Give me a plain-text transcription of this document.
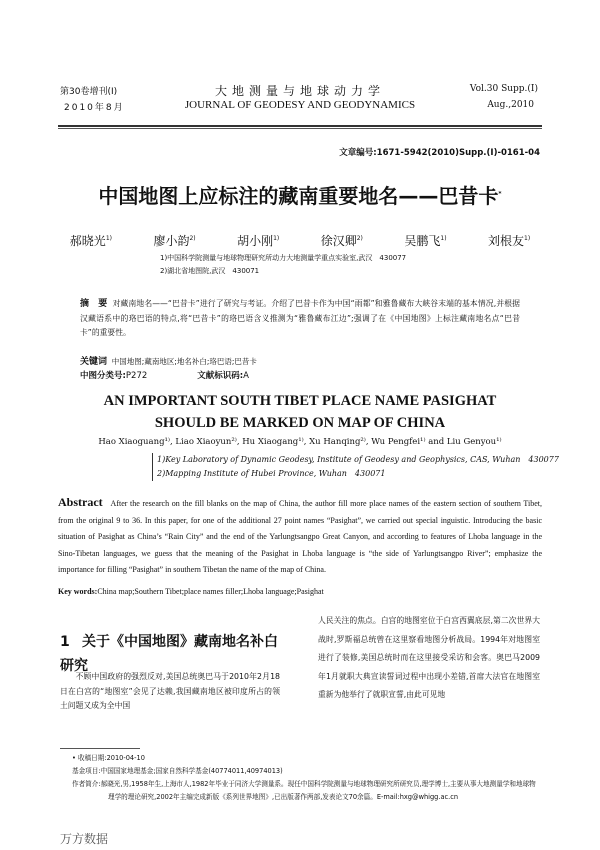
第30卷增刊(Ⅰ)
2010年8月
大地测量与地球动力学
JOURNAL OF GEODESY AND GEODYNAMICS
Vol.30 Supp.(Ⅰ)
Aug.,2010
文章编号:1671-5942(2010)Supp.(Ⅰ)-0161-04
中国地图上应标注的藏南重要地名——巴昔卡*
郝晓光$^{1)}$	廖小韵$^{2)}$	胡小刚$^{1)}$	徐汉卿$^{2)}$	吴鹏飞$^{1)}$	刘根友$^{1)}$
1)中国科学院测量与地球物理研究所动力大地测量学重点实验室,武汉　430077
2)湖北省地图院,武汉　430071
摘　要 对藏南地名——“巴昔卡”进行了研究与考证。介绍了巴昔卡作为中国“雨都”和雅鲁藏布大峡谷末端的基本情况,并根据汉藏语系中的珞巴语的特点,将“巴昔卡”的珞巴语含义推测为“雅鲁藏布江边”;强调了在《中国地图》上标注藏南地名点“巴昔卡”的重要性。
关键词 中国地图;藏南地区;地名补白;珞巴语;巴昔卡
中图分类号:P272	文献标识码:A
AN IMPORTANT SOUTH TIBET PLACE NAME PASIGHAT
SHOULD BE MARKED ON MAP OF CHINA
Hao Xiaoguang¹⁾, Liao Xiaoyun²⁾, Hu Xiaogang¹⁾, Xu Hanqing²⁾, Wu Pengfei¹⁾ and Liu Genyou¹⁾
1)Key Laboratory of Dynamic Geodesy, Institute of Geodesy and Geophysics, CAS, Wuhan　430077
2)Mapping Institute of Hubei Province, Wuhan　430071
Abstract After the research on the fill blanks on the map of China, the author fill more place names of the eastern section of southern Tibet, from the original 9 to 36. In this paper, for one of the additional 27 point names “Pasighat”, we carried out special inguistic. Introducing the basic situation of Pasighat as China’s “Rain City” and the end of the Yarlungtsangpo Great Canyon, and according to features of Lhoba language in the Sino-Tibetan languages, we guess that the meaning of the Pasighat in Lhoba language is “the side of Yarlungtsangpo River”; emphasize the importance for filling “Pasighat” in southern Tibetan the name of the map of China.
Key words:China map;Southern Tibet;place names filler;Lhoba language;Pasighat
1 关于《中国地图》藏南地名补白研究
不顾中国政府的强烈反对,美国总统奥巴马于2010年2月18日在白宫的“地图室”会见了达赖,我国藏南地区被印度所占的领土问题又成为全中国
人民关注的焦点。白宫的地图室位于白宫西翼底层,第二次世界大战时,罗斯福总统曾在这里察看地图分析战局。1994年对地图室进行了装修,美国总统时而在这里接受采访和会客。奥巴马2009年1月就职大典宣读誓词过程中出现小差错,首席大法官在地图室重新为他举行了就职宣誓,由此可见地
• 收稿日期:2010-04-10
基金项目:中国国家地理基金;国家自然科学基金(40774011,40974013)
作者简介:郝晓光,男,1958年生,上海市人,1982年毕业于同济大学测量系。现任中国科学院测量与地球物理研究所研究员,理学博士,主要从事大地测量学和地球物理学的理论研究,2002年主编完成新版《系列世界地图》,已出版著作两部,发表论文70余篇。E-mail:hxg@whigg.ac.cn
万方数据
